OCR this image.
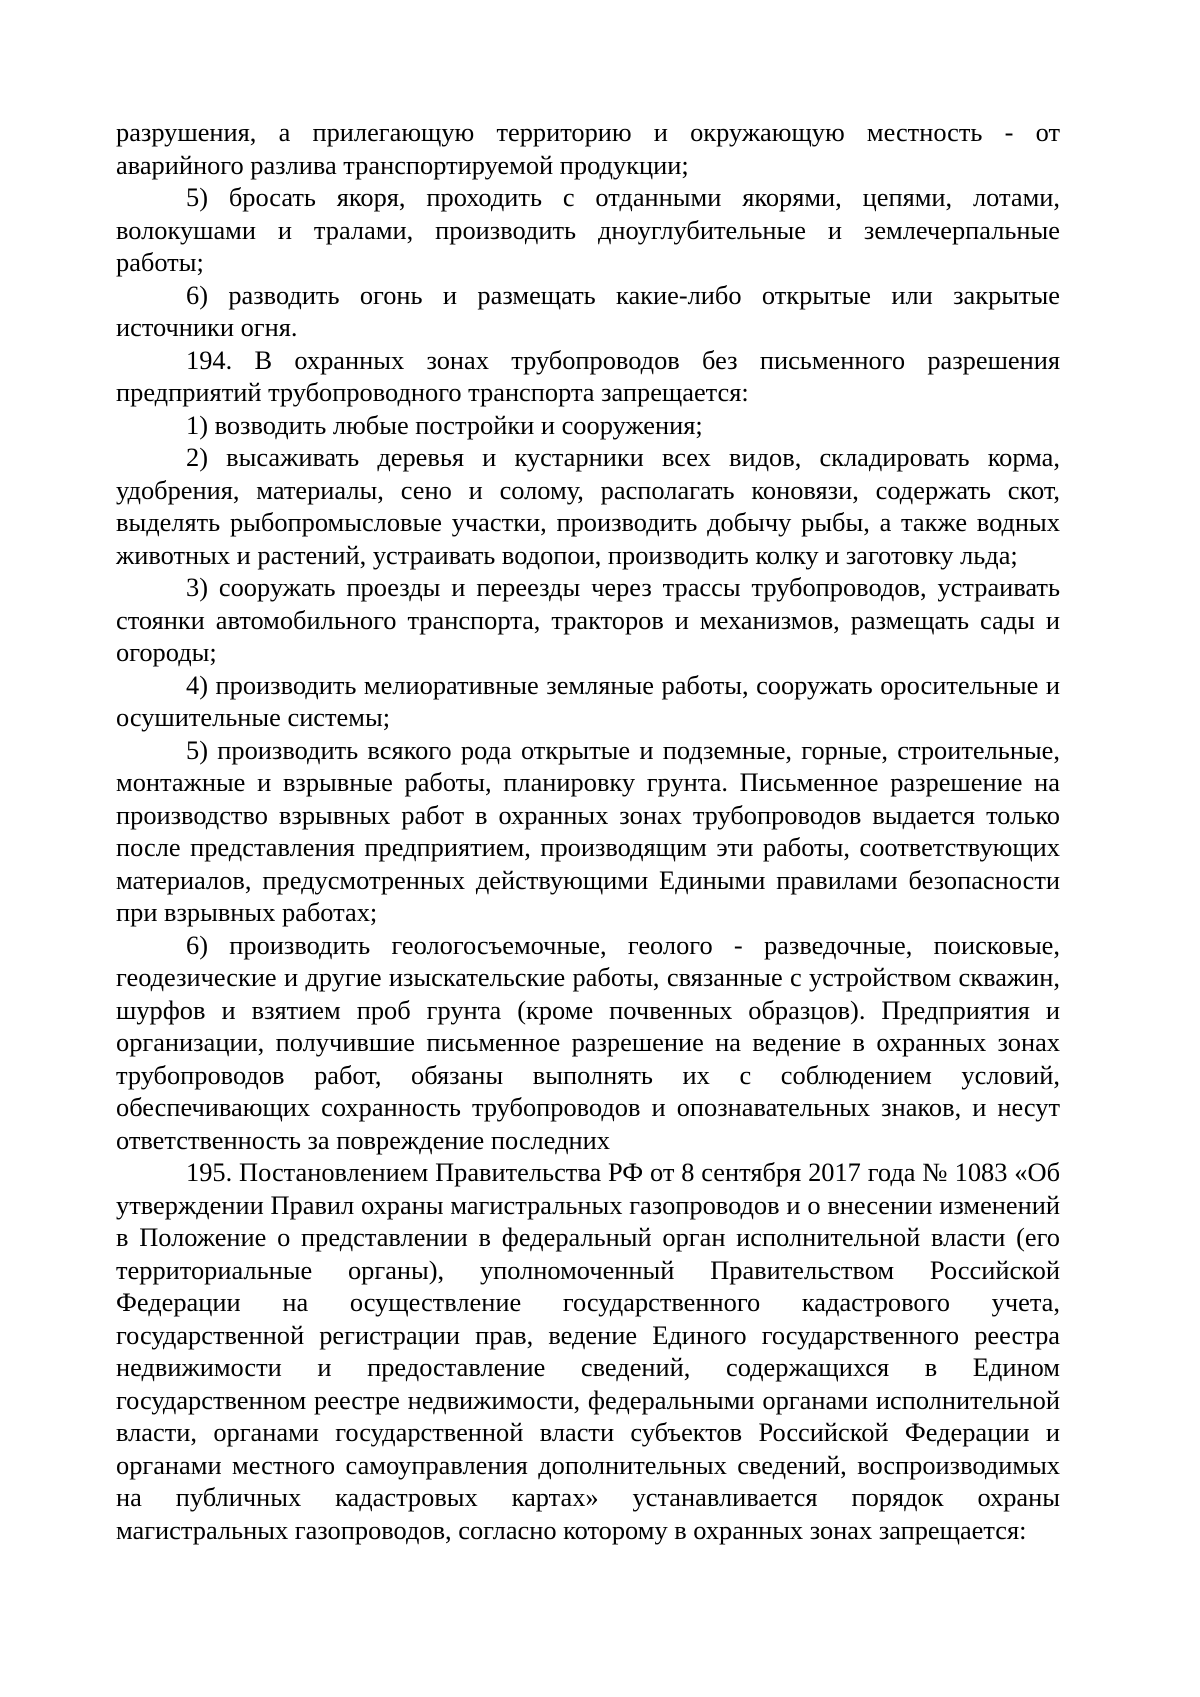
разрушения, а прилегающую территорию и окружающую местность - от аварийного разлива транспортируемой продукции;

5) бросать якоря, проходить с отданными якорями, цепями, лотами, волокушами и тралами, производить дноуглубительные и землечерпальные работы;

6) разводить огонь и размещать какие-либо открытые или закрытые источники огня.

194. В охранных зонах трубопроводов без письменного разрешения предприятий трубопроводного транспорта запрещается:

1) возводить любые постройки и сооружения;

2) высаживать деревья и кустарники всех видов, складировать корма, удобрения, материалы, сено и солому, располагать коновязи, содержать скот, выделять рыбопромысловые участки, производить добычу рыбы, а также водных животных и растений, устраивать водопои, производить колку и заготовку льда;

3) сооружать проезды и переезды через трассы трубопроводов, устраивать стоянки автомобильного транспорта, тракторов и механизмов, размещать сады и огороды;

4) производить мелиоративные земляные работы, сооружать оросительные и осушительные системы;

5) производить всякого рода открытые и подземные, горные, строительные, монтажные и взрывные работы, планировку грунта. Письменное разрешение на производство взрывных работ в охранных зонах трубопроводов выдается только после представления предприятием, производящим эти работы, соответствующих материалов, предусмотренных действующими Едиными правилами безопасности при взрывных работах;

6) производить геологосъемочные, геолого - разведочные, поисковые, геодезические и другие изыскательские работы, связанные с устройством скважин, шурфов и взятием проб грунта (кроме почвенных образцов). Предприятия и организации, получившие письменное разрешение на ведение в охранных зонах трубопроводов работ, обязаны выполнять их с соблюдением условий, обеспечивающих сохранность трубопроводов и опознавательных знаков, и несут ответственность за повреждение последних

195. Постановлением Правительства РФ от 8 сентября 2017 года № 1083 «Об утверждении Правил охраны магистральных газопроводов и о внесении изменений в Положение о представлении в федеральный орган исполнительной власти (его территориальные органы), уполномоченный Правительством Российской Федерации на осуществление государственного кадастрового учета, государственной регистрации прав, ведение Единого государственного реестра недвижимости и предоставление сведений, содержащихся в Едином государственном реестре недвижимости, федеральными органами исполнительной власти, органами государственной власти субъектов Российской Федерации и органами местного самоуправления дополнительных сведений, воспроизводимых на публичных кадастровых картах» устанавливается порядок охраны магистральных газопроводов, согласно которому в охранных зонах запрещается:
